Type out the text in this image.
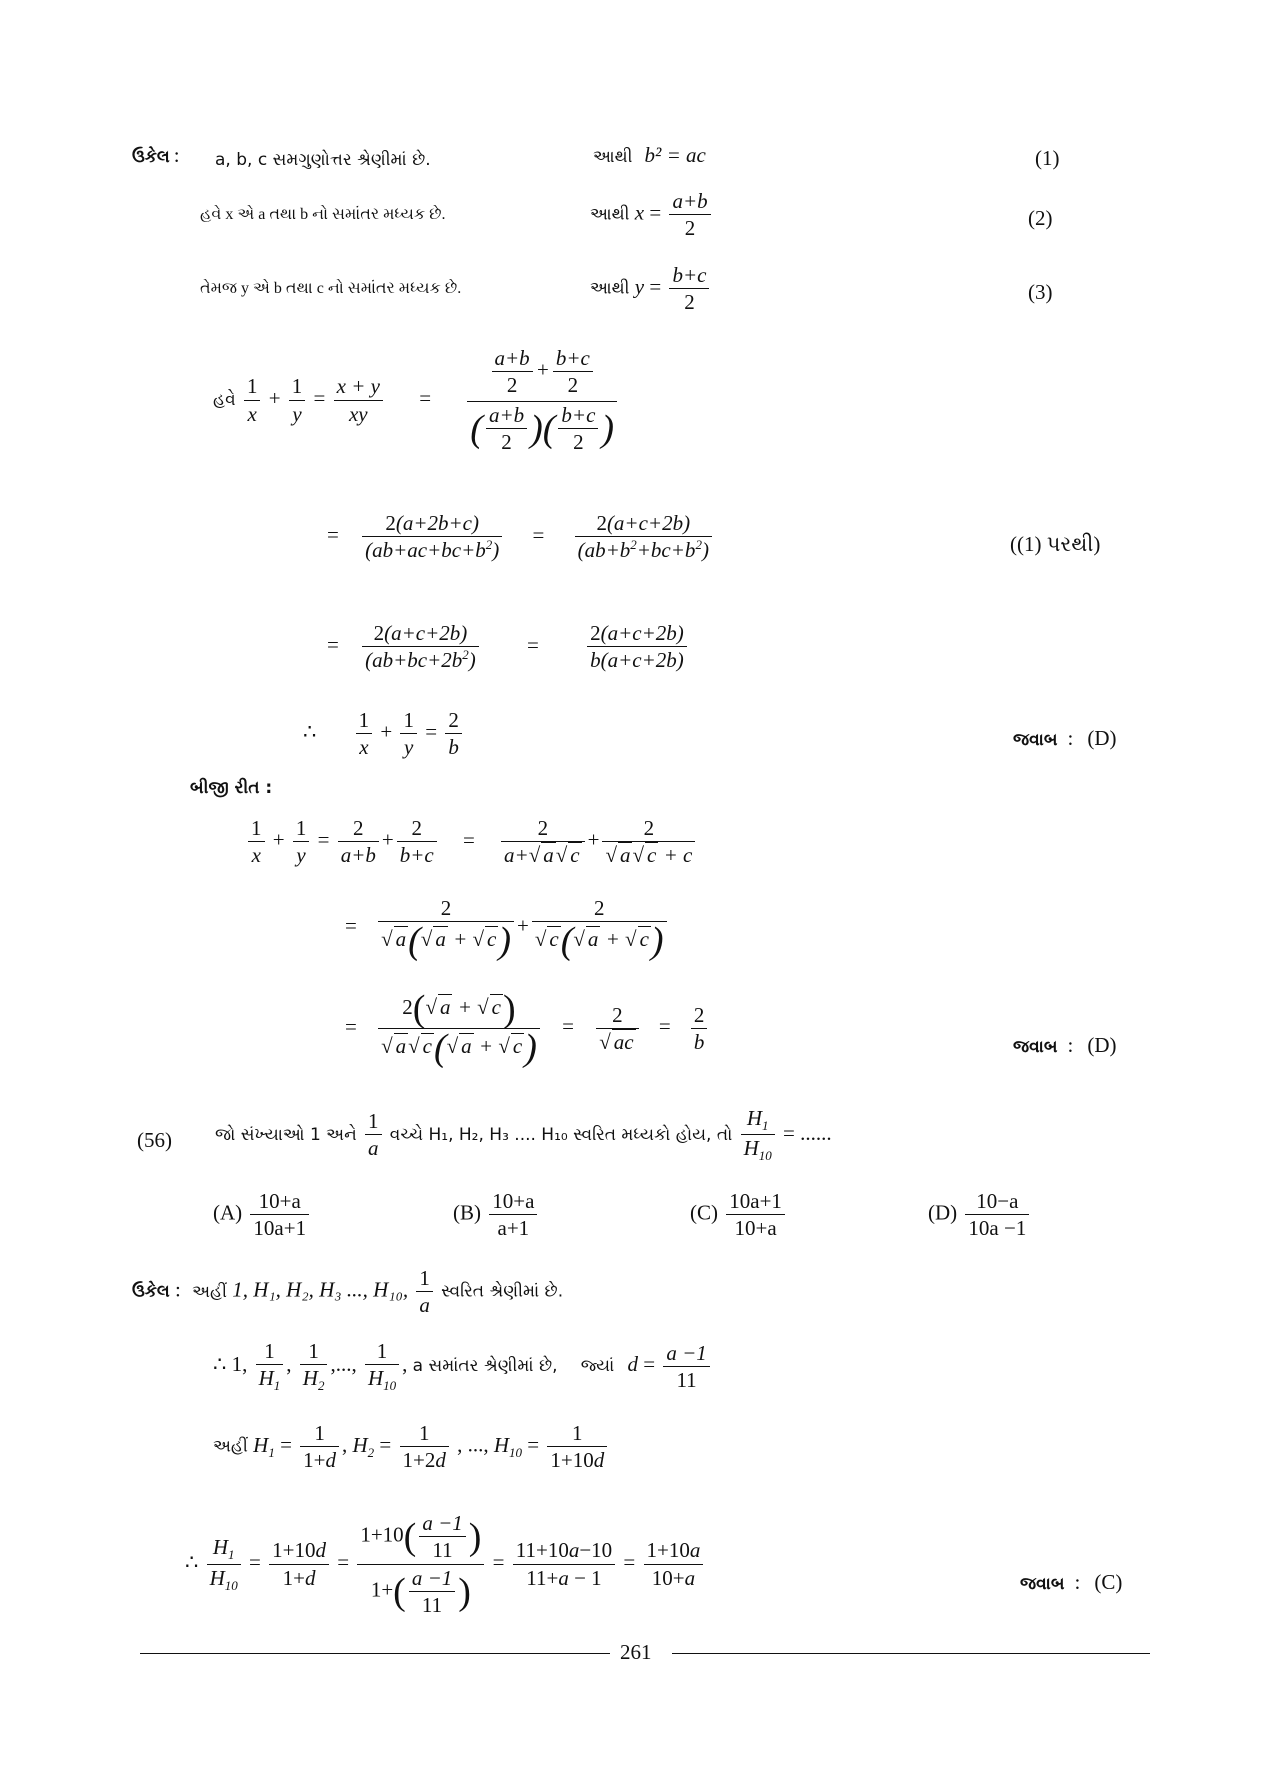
ઉકેલ : a, b, c સમગુણોત્તર શ્રેણીમાં છે.	આથી b² = ac	(1)
હવે x એ a તથા b નો સમાંતર મધ્યક છે.	આથી $x = \frac{a+b}{2}$	(2)
તેમજ y એ b તથા c નો સમાંતર મધ્યક છે.	આથી $y = \frac{b+c}{2}$	(3)
હવે $\frac{1}{x} + \frac{1}{y} = \frac{x + y}{xy} = \frac{\frac{a+b}{2} + \frac{b+c}{2}}{( \frac{a+b}{2} )( \frac{b+c}{2} )}$
= $\frac{2(a+2b+c)}{(ab+ac+bc+b^2)} = \frac{2(a+c+2b)}{(ab+b^2+bc+b^2)}$	((1) પરથી)
= $\frac{2(a+c+2b)}{(ab+bc+2b^2)} = \frac{2(a+c+2b)}{b(a+c+2b)}$
∴ $\frac{1}{x} + \frac{1}{y} = \frac{2}{b}$	જવાબ : (D)
બીજી રીત :
$\frac{1}{x} + \frac{1}{y} = \frac{2}{a+b} + \frac{2}{b+c} = \frac{2}{a+√ a√ c} + \frac{2}{√ a√ c + c}$
= $\frac{2}{√ a(√ a + √ c)} + \frac{2}{√ c(√ a + √ c)}$
= $\frac{2(√ a + √ c)}{√ a√ c(√ a + √ c)} = \frac{2}{√ ac} = \frac{2}{b}$	જવાબ : (D)
(56)	જો સંખ્યાઓ 1 અને $\frac{1}{a}$ વચ્ચે H₁, H₂, H₃ .... H₁₀ સ્વરિત મધ્યકો હોય, તો $\frac{H_1}{H_{10}}$ = ......
$(A) \frac{10+a}{10a+1}$	$(B) \frac{10+a}{a+1}$	$(C) \frac{10a+1}{10+a}$	$(D) \frac{10-a}{10a -1}$
ઉકેલ : અહીં 1, H₁, H₂, H₃ ..., H₁₀, $\frac{1}{a}$ સ્વરિત શ્રેણીમાં છે.
∴ 1, $\frac{1}{H_1}$ , $\frac{1}{H_2}$ ,..., $\frac{1}{H_{10}}$ , a સમાંતર શ્રેણીમાં છે, જ્યાં $d = \frac{a -1}{11}$
અહીં $H_1 = \frac{1}{1+d}$ , $H_2 = \frac{1}{1+2d}$ , ..., $H_{10} = \frac{1}{1+10d}$
∴ $\frac{H_1}{H_{10}} = \frac{1+10d}{1+d} = \frac{1+10( \frac{a -1}{11} )}{1+( \frac{a -1}{11} )} = \frac{11+10a-10}{11+a - 1} = \frac{1+10a}{10+a}$	જવાબ : (C)
261
